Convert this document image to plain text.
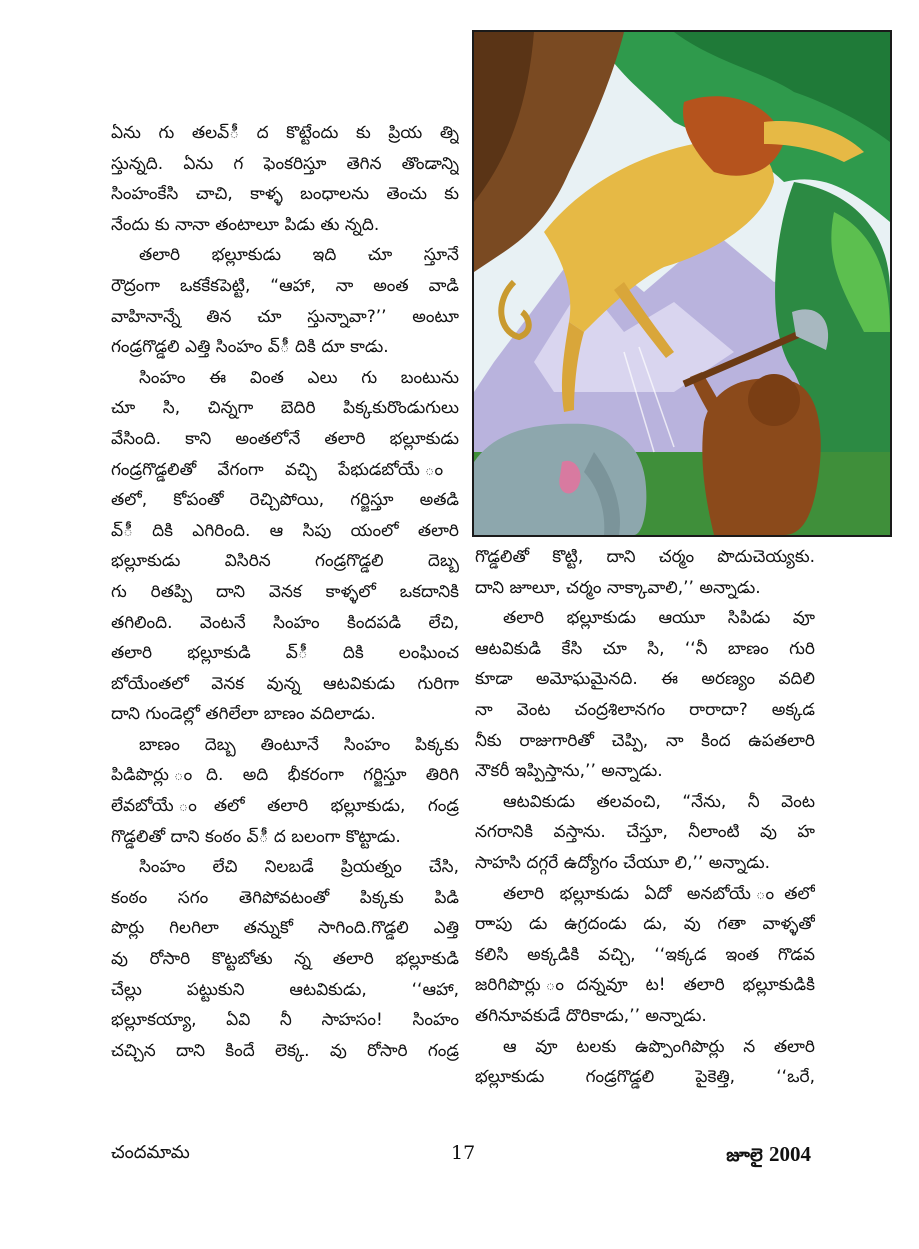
ఏను గు తలవ్ీ ద కొట్టేందు కు ప్రియ త్ని
స్తున్నది. ఏను గ ఫెంకరిస్తూ తెగిన తొండాన్ని
సింహంకేసి చాచి, కాళ్ళ బంధాలను తెంచు కు
నేందు కు నానా తంటాలూ పిడు తు న్నది.
తలారి భల్లూకుడు ఇది చూ స్తూనే
రౌద్రంగా ఒకకేకపెట్టి, “ఆహా, నా అంత వాడి
వాహినాన్నే తిన చూ స్తున్నావా?’’ అంటూ
గండ్రగొడ్డలి ఎత్తి సింహం వ్ీ దికి దూ కాడు.
సింహం ఈ వింత ఎలు గు బంటును
చూ సి, చిన్నగా బెదిరి పిక్కకురొండుగులు
వేసింది. కాని అంతలోనే తలారి భల్లూకుడు
గండ్రగొడ్డలితో వేగంగా వచ్చి పేభుడబోయే ం
తలో, కోపంతో రెచ్చిపోయి, గర్జిస్తూ అతడి
వ్ీ దికి ఎగిరింది. ఆ సిపు యంలో తలారి
భల్లూకుడు విసిరిన గండ్రగొడ్డలి దెబ్బ
గు రితప్పి దాని వెనక కాళ్ళలో ఒకదానికి
తగిలింది. వెంటనే సింహం కిందపడి లేచి,
తలారి భల్లూకుడి వ్ీ దికి లంఘించ
బోయేంతలో వెనక వున్న ఆటవికుడు గురిగా
దాని గుండెల్లో తగిలేలా బాణం వదిలాడు.
బాణం దెబ్బ తింటూనే సింహం పిక్కకు
పిడిపొర్లు ంది. అది భీకరంగా గర్జిస్తూ తిరిగి
లేవబోయే ంతలో తలారి భల్లూకుడు, గండ్ర
గొడ్డలితో దాని కంఠం వ్ీ ద బలంగా కొట్టాడు.
సింహం లేచి నిలబడే ప్రియత్నం చేసి,
కంఠం సగం తెగిపోవటంతో పిక్కకు పిడి
పొర్లు గిలగిలా తన్నుకో సాగింది.గొడ్డలి ఎత్తి
వు రోసారి కొట్టబోతు న్న తలారి భల్లూకుడి
చేల్లు పట్టుకుని ఆటవికుడు, ‘‘ఆహా,
భల్లూకయ్యా, ఏవి నీ సాహసం! సింహం
చచ్చిన దాని కిందే లెక్క. వు రోసారి గండ్ర
గొడ్డలితో కొట్టి, దాని చర్మం పొదుచెయ్యకు.
దాని జూలూ, చర్మం నాక్కావాలి,’’ అన్నాడు.
తలారి భల్లూకుడు ఆయూ సిపిడు వూ
ఆటవికుడి కేసి చూ సి, ‘‘నీ బాణం గురి
కూడా అమోఘమైనది. ఈ అరణ్యం వదిలి
నా వెంట చంద్రశిలానగం రారాదా? అక్కడ
నీకు రాజుగారితో చెప్పి, నా కింద ఉపతలారి
నౌకరీ ఇప్పిస్తాను,’’ అన్నాడు.
ఆటవికుడు తలవంచి, “నేను, నీ వెంట
నగరానికి వస్తాను. చేస్తూ, నీలాంటి వు హ
సాహసి దగ్గరే ఉద్యోగం చేయూ లి,’’ అన్నాడు.
తలారి భల్లూకుడు ఏదో అనబోయే ంతలో
రాాపు డు ఉగ్రదండు డు, వు గతా వాళ్ళతో
కలిసి అక్కడికి వచ్చి, ‘‘ఇక్కడ ఇంత గొడవ
జరిగిపొర్లు ందన్నవూ ట! తలారి భల్లూకుడికి
తగినూవకుడే దొరికాడు,’’ అన్నాడు.
ఆ వూ టలకు ఉప్పొంగిపొర్లు న తలారి
భల్లూకుడు గండ్రగొడ్డలి పైకెత్తి, ‘‘ఒరే,
చందమామ	17	జూలై 2004
